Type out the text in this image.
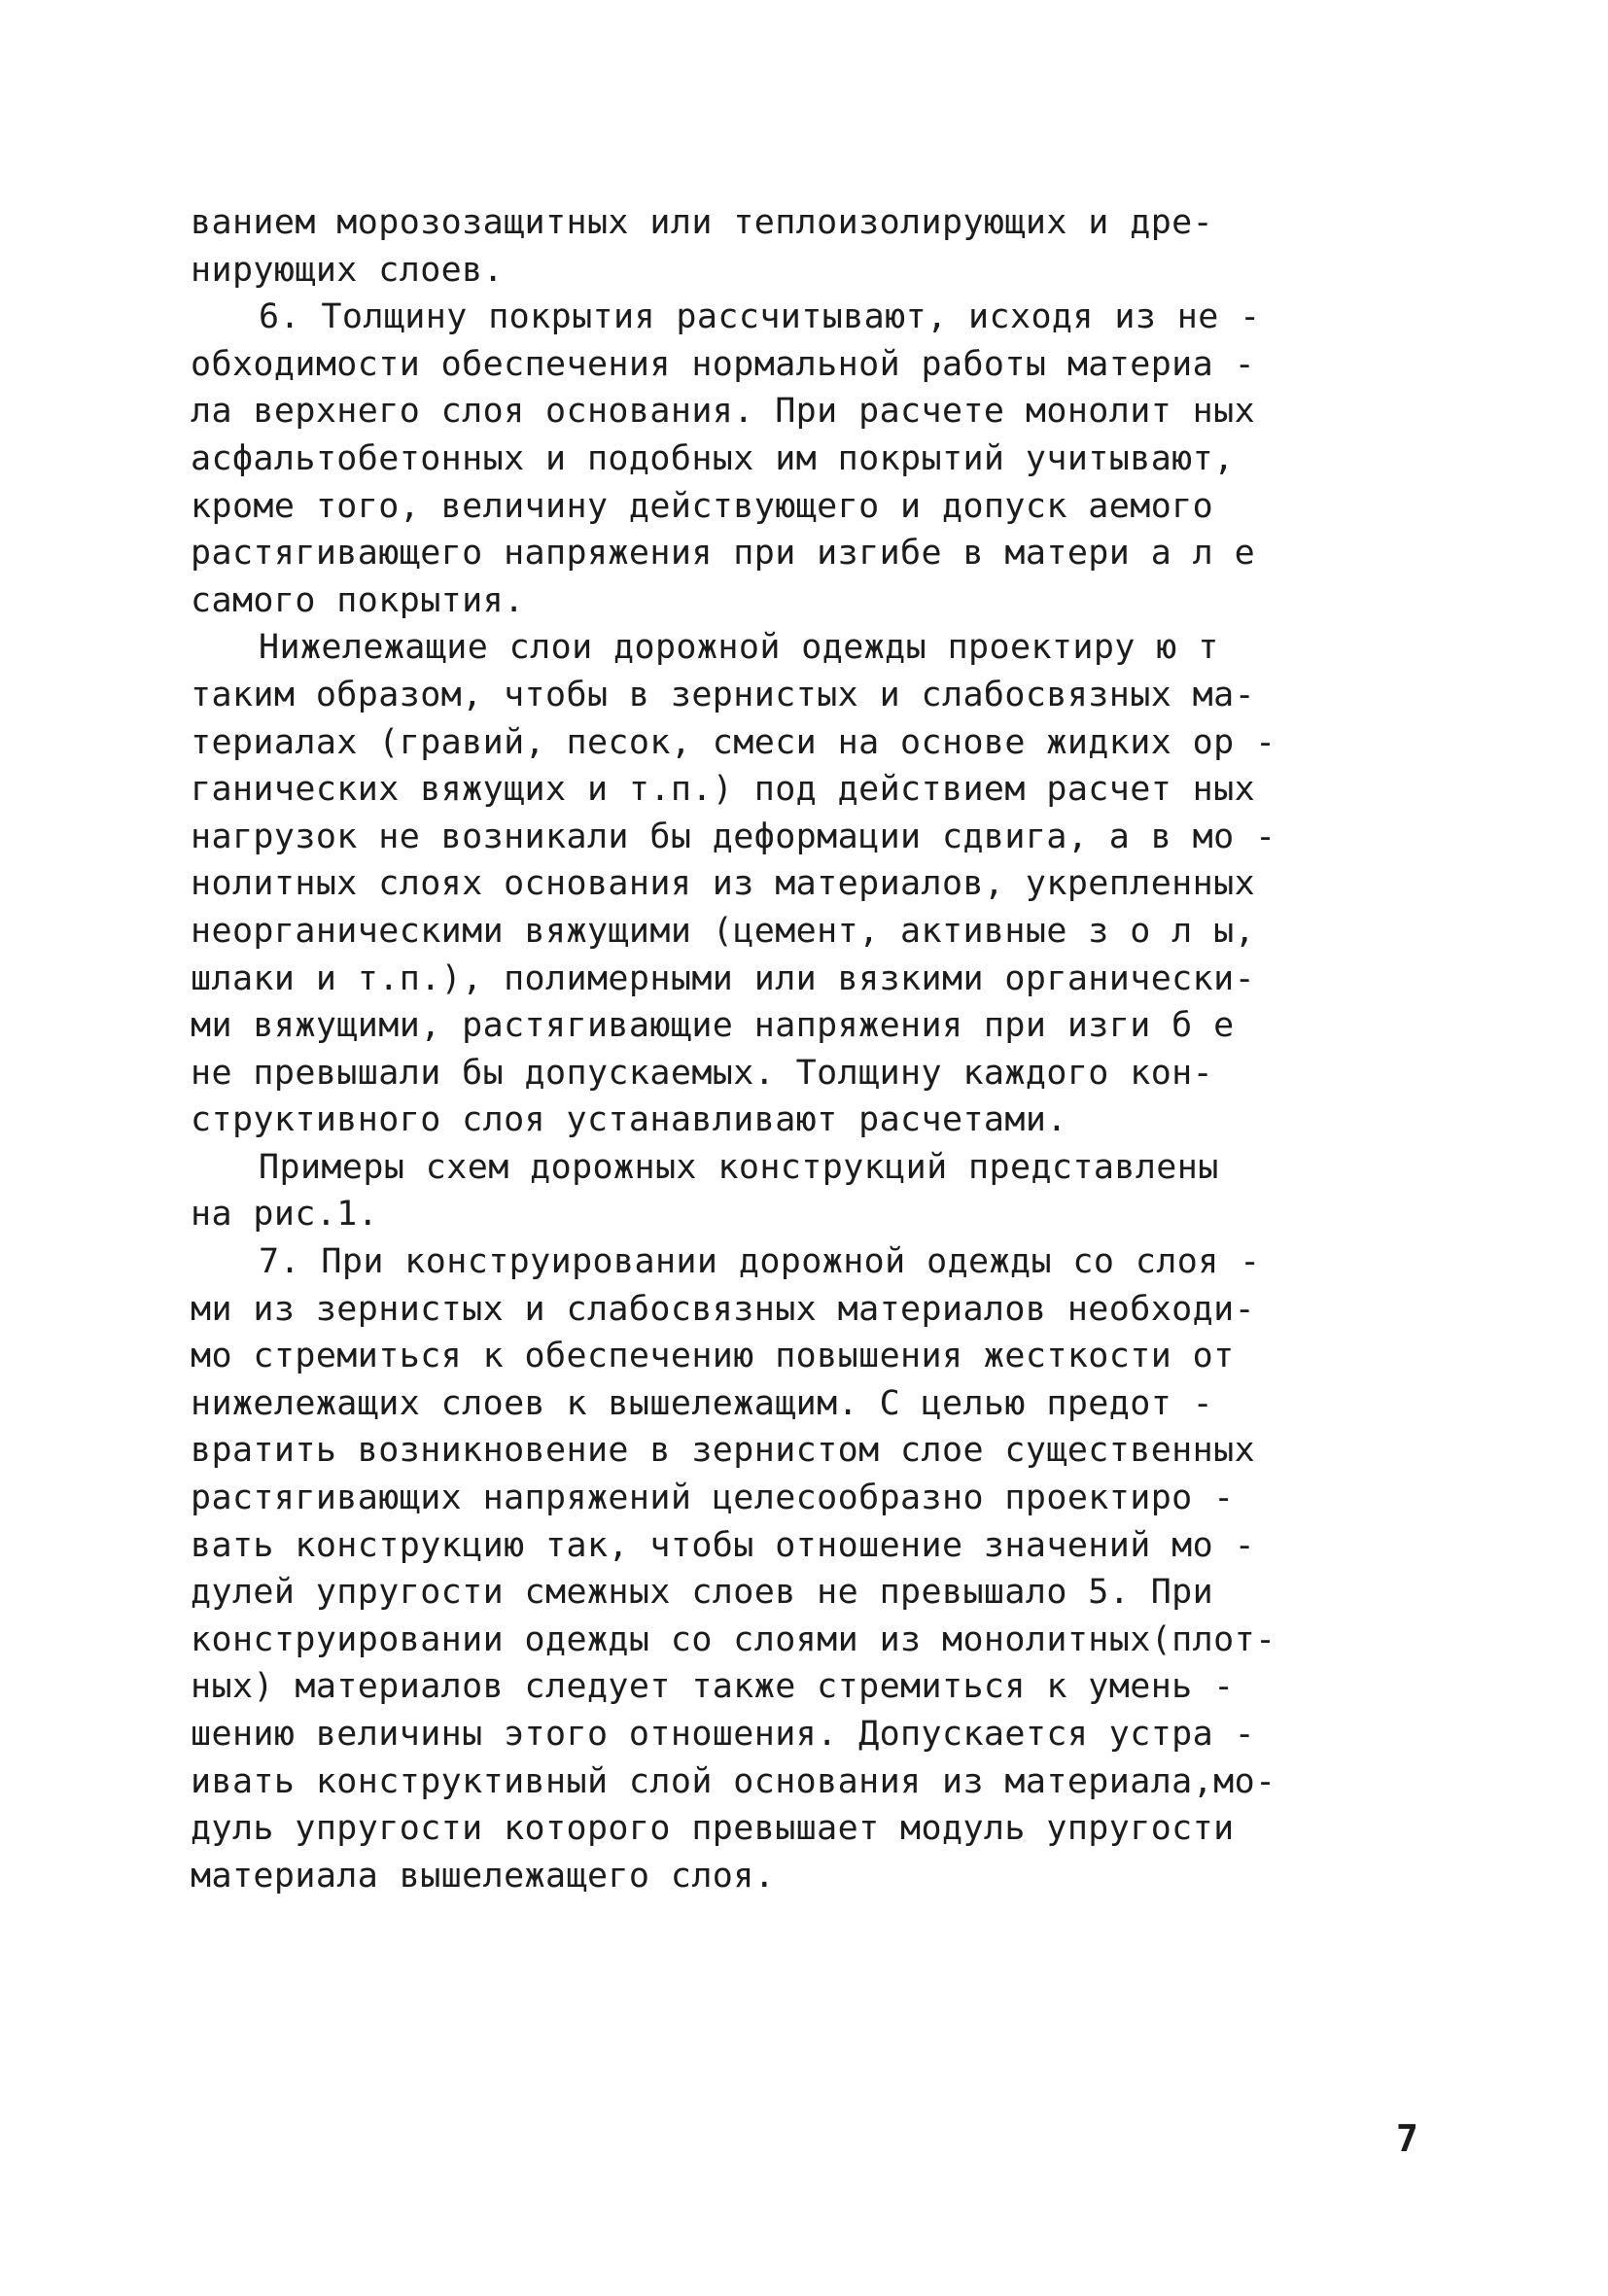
ванием морозозащитных или теплоизолирующих и дре-
нирующих слоев.
6. Толщину покрытия рассчитывают, исходя из не -
обходимости обеспечения нормальной работы материа -
ла верхнего слоя основания. При расчете монолит ных
асфальтобетонных и подобных им покрытий учитывают,
кроме того, величину действующего и допуск аемого
растягивающего напряжения при изгибе в матери а л е
самого покрытия.
Нижележащие слои дорожной одежды проектиру ю т
таким образом, чтобы в зернистых и слабосвязных ма-
териалах (гравий, песок, смеси на основе жидких ор -
ганических вяжущих и т.п.) под действием расчет ных
нагрузок не возникали бы деформации сдвига, а в мо -
нолитных слоях основания из материалов, укрепленных
неорганическими вяжущими (цемент, активные з о л ы,
шлаки и т.п.), полимерными или вязкими органически-
ми вяжущими, растягивающие напряжения при изги б е
не превышали бы допускаемых. Толщину каждого кон-
структивного слоя устанавливают расчетами.
Примеры схем дорожных конструкций представлены
на рис.1.
7. При конструировании дорожной одежды со слоя -
ми из зернистых и слабосвязных материалов необходи-
мо стремиться к обеспечению повышения жесткости от
нижележащих слоев к вышележащим. С целью предот -
вратить возникновение в зернистом слое существенных
растягивающих напряжений целесообразно проектиро -
вать конструкцию так, чтобы отношение значений мо -
дулей упругости смежных слоев не превышало 5. При
конструировании одежды со слоями из монолитных(плот-
ных) материалов следует также стремиться к умень -
шению величины этого отношения. Допускается устра -
ивать конструктивный слой основания из материала,мо-
дуль упругости которого превышает модуль упругости
материала вышележащего слоя.
7
